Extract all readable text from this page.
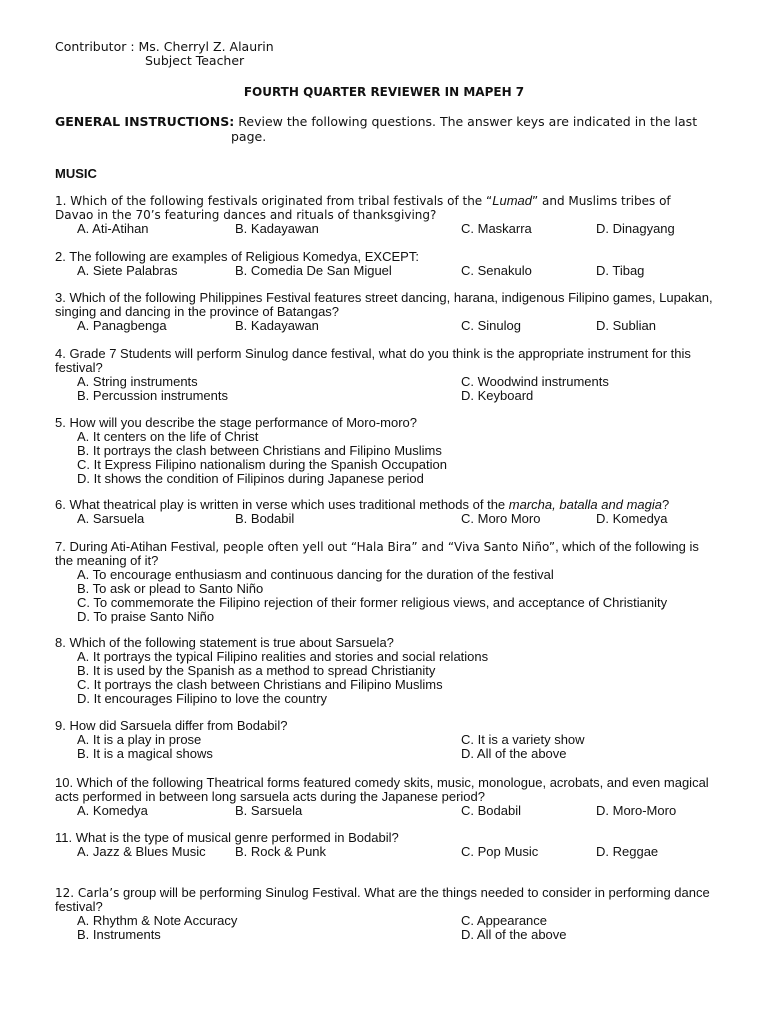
Contributor : Ms. Cherryl Z. Alaurin
Subject Teacher
FOURTH QUARTER REVIEWER IN MAPEH 7
GENERAL INSTRUCTIONS: Review the following questions. The answer keys are indicated in the last
page.
MUSIC
1. Which of the following festivals originated from tribal festivals of the “Lumad” and Muslims tribes of
Davao in the 70’s featuring dances and rituals of thanksgiving?
A. Ati-Atihan	B. Kadayawan	C. Maskarra	D. Dinagyang
2. The following are examples of Religious Komedya, EXCEPT:
A. Siete Palabras	B. Comedia De San Miguel	C. Senakulo	D. Tibag
3. Which of the following Philippines Festival features street dancing, harana, indigenous Filipino games, Lupakan, singing and dancing in the province of Batangas?
A. Panagbenga	B. Kadayawan	C. Sinulog	D. Sublian
4. Grade 7 Students will perform Sinulog dance festival, what do you think is the appropriate instrument for this festival?
A. String instruments	C. Woodwind instruments
B. Percussion instruments	D. Keyboard
5. How will you describe the stage performance of Moro-moro?
A. It centers on the life of Christ
B. It portrays the clash between Christians and Filipino Muslims
C. It Express Filipino nationalism during the Spanish Occupation
D. It shows the condition of Filipinos during Japanese period
6. What theatrical play is written in verse which uses traditional methods of the marcha, batalla and magia?
A. Sarsuela	B. Bodabil	C. Moro Moro	D. Komedya
7. During Ati-Atihan Festival, people often yell out “Hala Bira” and “Viva Santo Niño”, which of the following is the meaning of it?
A. To encourage enthusiasm and continuous dancing for the duration of the festival
B. To ask or plead to Santo Niño
C. To commemorate the Filipino rejection of their former religious views, and acceptance of Christianity
D. To praise Santo Niño
8. Which of the following statement is true about Sarsuela?
A. It portrays the typical Filipino realities and stories and social relations
B. It is used by the Spanish as a method to spread Christianity
C. It portrays the clash between Christians and Filipino Muslims
D. It encourages Filipino to love the country
9. How did Sarsuela differ from Bodabil?
A. It is a play in prose	C. It is a variety show
B. It is a magical shows	D. All of the above
10. Which of the following Theatrical forms featured comedy skits, music, monologue, acrobats, and even magical acts performed in between long sarsuela acts during the Japanese period?
A. Komedya	B. Sarsuela	C. Bodabil	D. Moro-Moro
11. What is the type of musical genre performed in Bodabil?
A. Jazz & Blues Music B. Rock & Punk	C. Pop Music	D. Reggae
12. Carla’s group will be performing Sinulog Festival. What are the things needed to consider in performing dance festival?
A. Rhythm & Note Accuracy	C. Appearance
B. Instruments	D. All of the above
